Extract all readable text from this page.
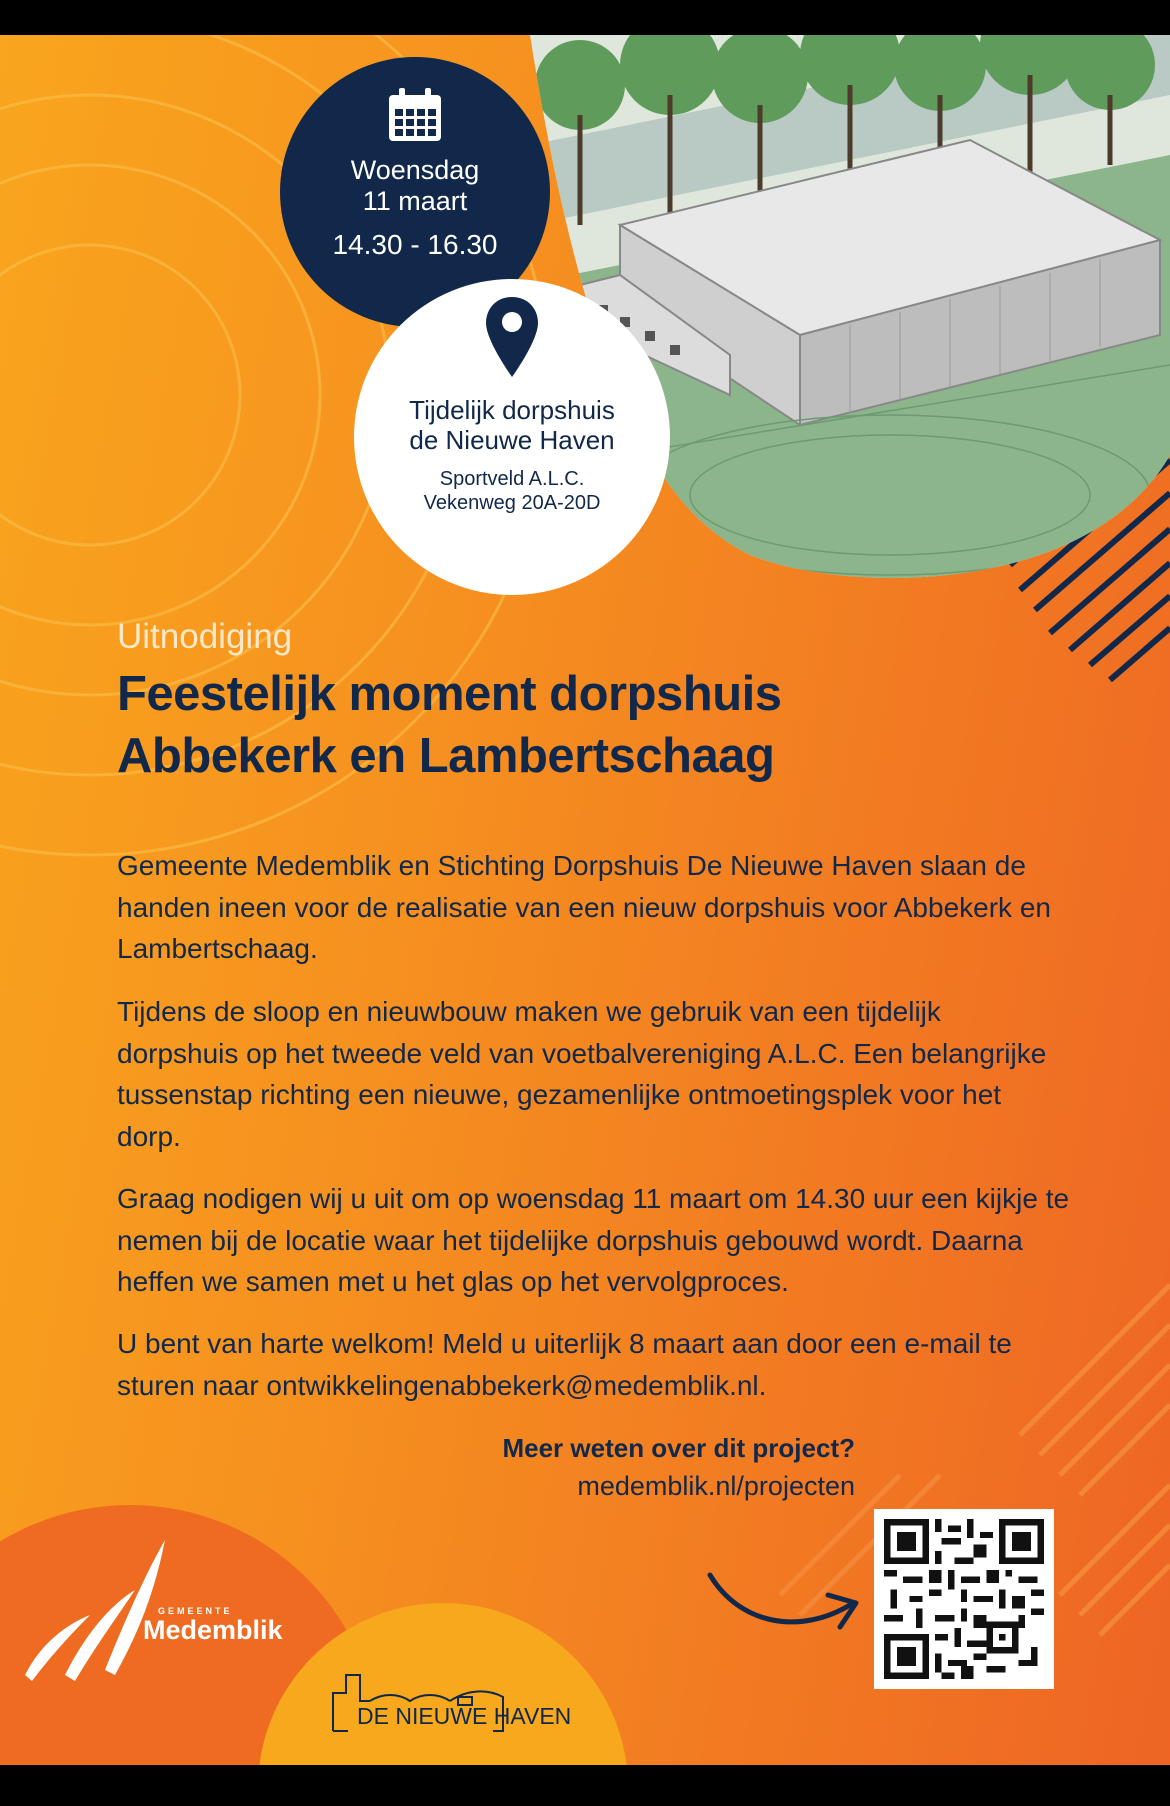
Woensdag
11 maart
14.30 - 16.30
Tijdelijk dorpshuis
de Nieuwe Haven
Sportveld A.L.C.
Vekenweg 20A-20D
Uitnodiging
Feestelijk moment dorpshuis
Abbekerk en Lambertschaag

Gemeente Medemblik en Stichting Dorpshuis De Nieuwe Haven slaan de handen ineen voor de realisatie van een nieuw dorpshuis voor Abbekerk en Lambertschaag.

Tijdens de sloop en nieuwbouw maken we gebruik van een tijdelijk dorpshuis op het tweede veld van voetbalvereniging A.L.C. Een belangrijke tussenstap richting een nieuwe, gezamenlijke ontmoetingsplek voor het dorp.

Graag nodigen wij u uit om op woensdag 11 maart om 14.30 uur een kijkje te nemen bij de locatie waar het tijdelijke dorpshuis gebouwd wordt. Daarna heffen we samen met u het glas op het vervolgproces.

U bent van harte welkom! Meld u uiterlijk 8 maart aan door een e-mail te sturen naar ontwikkelingenabbekerk@medemblik.nl.

Meer weten over dit project?
medemblik.nl/projecten
GEMEENTE
Medemblik
DE NIEUWE HAVEN
